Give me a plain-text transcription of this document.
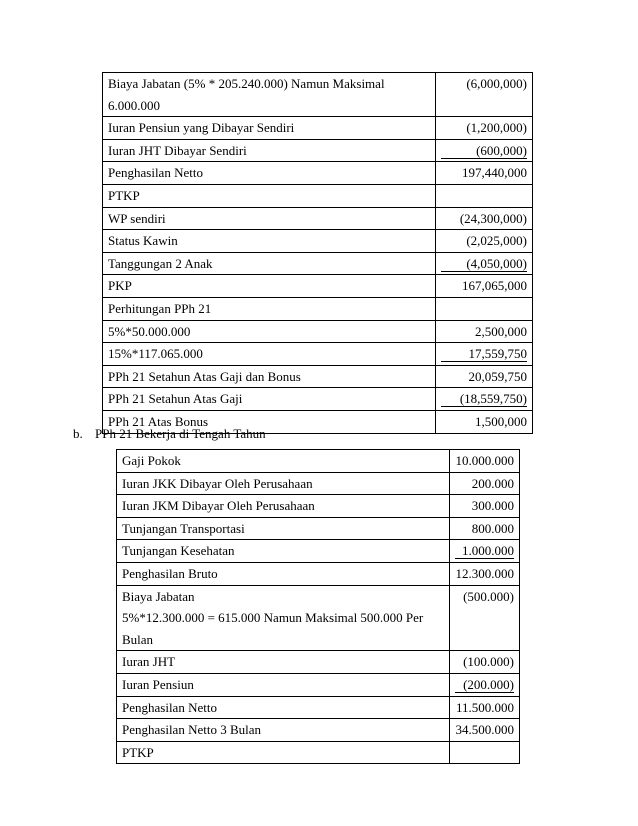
Biaya Jabatan (5% * 205.240.000) Namun Maksimal 6.000.000	(6,000,000)

Iuran Pensiun yang Dibayar Sendiri	(1,200,000)

Iuran JHT Dibayar Sendiri	(600,000)

Penghasilan Netto	197,440,000

PTKP	

WP sendiri	(24,300,000)

Status Kawin	(2,025,000)

Tanggungan 2 Anak	(4,050,000)

PKP	167,065,000

Perhitungan PPh 21	

5%*50.000.000	2,500,000

15%*117.065.000	17,559,750

PPh 21 Setahun Atas Gaji dan Bonus	20,059,750

PPh 21 Setahun Atas Gaji	(18,559,750)

PPh 21 Atas Bonus	1,500,000
b. PPh 21 Bekerja di Tengah Tahun
Gaji Pokok	10.000.000

Iuran JKK Dibayar Oleh Perusahaan	200.000

Iuran JKM Dibayar Oleh Perusahaan	300.000

Tunjangan Transportasi	800.000

Tunjangan Kesehatan	1.000.000

Penghasilan Bruto	12.300.000

Biaya Jabatan
5%*12.300.000 = 615.000 Namun Maksimal 500.000 Per Bulan	(500.000)

Iuran JHT	(100.000)

Iuran Pensiun	(200.000)

Penghasilan Netto	11.500.000

Penghasilan Netto 3 Bulan	34.500.000

PTKP	
